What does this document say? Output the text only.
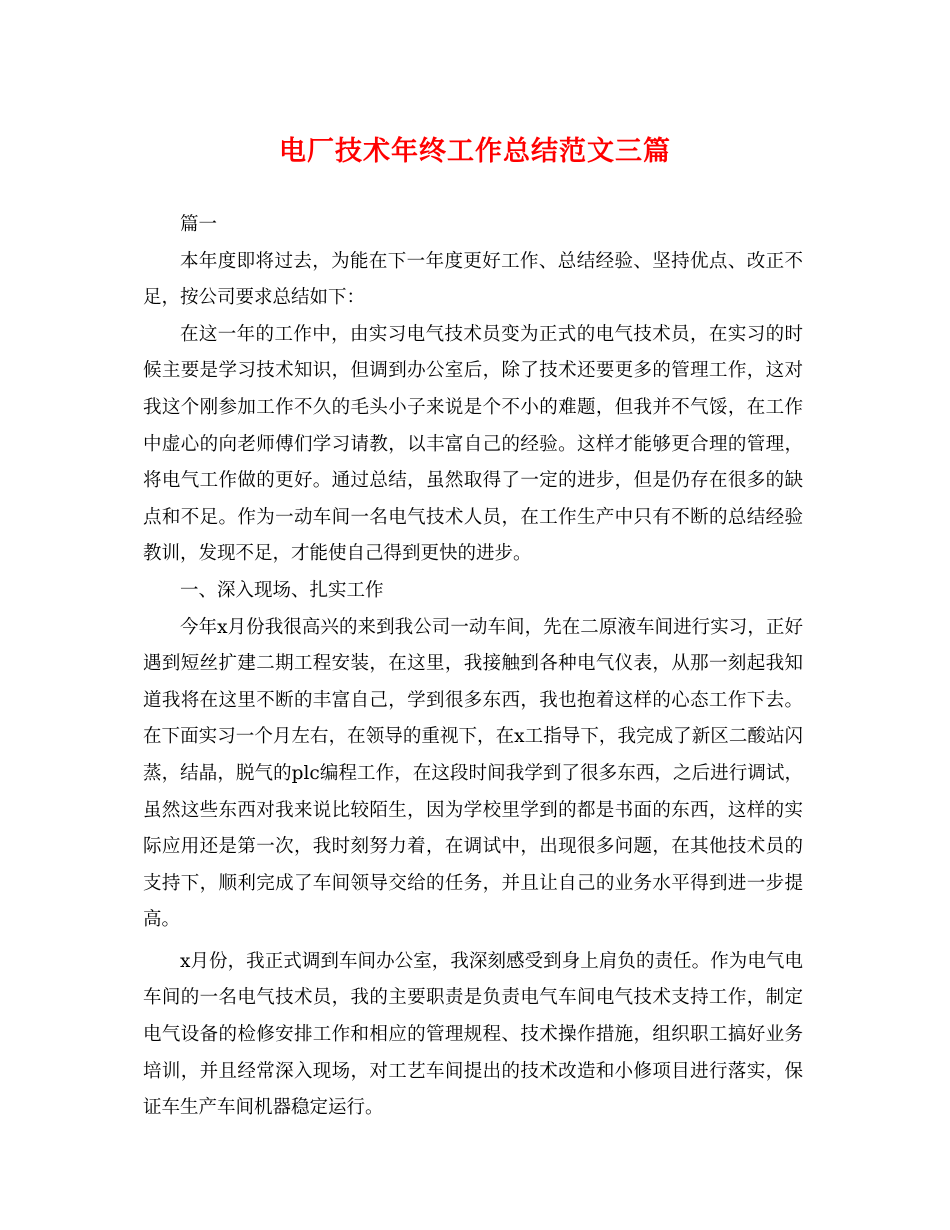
电厂技术年终工作总结范文三篇

篇一

本年度即将过去，为能在下一年度更好工作、总结经验、坚持优点、改正不足，按公司要求总结如下：

在这一年的工作中，由实习电气技术员变为正式的电气技术员，在实习的时候主要是学习技术知识，但调到办公室后，除了技术还要更多的管理工作，这对我这个刚参加工作不久的毛头小子来说是个不小的难题，但我并不气馁，在工作中虚心的向老师傅们学习请教，以丰富自己的经验。这样才能够更合理的管理，将电气工作做的更好。通过总结，虽然取得了一定的进步，但是仍存在很多的缺点和不足。作为一动车间一名电气技术人员，在工作生产中只有不断的总结经验教训，发现不足，才能使自己得到更快的进步。

一、深入现场、扎实工作

今年x月份我很高兴的来到我公司一动车间，先在二原液车间进行实习，正好遇到短丝扩建二期工程安装，在这里，我接触到各种电气仪表，从那一刻起我知道我将在这里不断的丰富自己，学到很多东西，我也抱着这样的心态工作下去。在下面实习一个月左右，在领导的重视下，在x工指导下，我完成了新区二酸站闪蒸，结晶，脱气的plc编程工作，在这段时间我学到了很多东西，之后进行调试，虽然这些东西对我来说比较陌生，因为学校里学到的都是书面的东西，这样的实际应用还是第一次，我时刻努力着，在调试中，出现很多问题，在其他技术员的支持下，顺利完成了车间领导交给的任务，并且让自己的业务水平得到进一步提高。

x月份，我正式调到车间办公室，我深刻感受到身上肩负的责任。作为电气电车间的一名电气技术员，我的主要职责是负责电气车间电气技术支持工作，制定电气设备的检修安排工作和相应的管理规程、技术操作措施，组织职工搞好业务培训，并且经常深入现场，对工艺车间提出的技术改造和小修项目进行落实，保证车生产车间机器稳定运行。
